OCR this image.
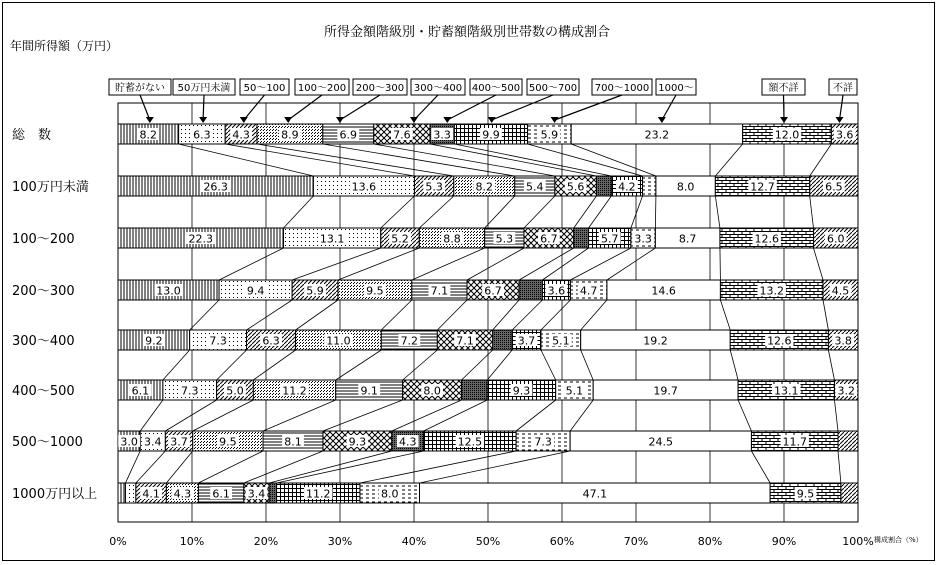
所得金額階級別・貯蓄額階級別世帯数の構成割合
年間所得額（万円）
構成割合（%）
8.2	6.3 4.3	8.9	6.9	7.6 3.3	9.9	5.9	23.2	12.0	3.6
26.3	13.6	5.3	8.2	5.4 5.6	4.2	8.0	12.7	6.5
22.3	13.1	5.2	8.8	5.3 6.7	5.7 3.3 8.7	12.6	6.0
13.0	9.4	5.9	9.5	7.1	6.7	3.6 4.7	14.6	13.2	4.5
9.2	7.3	6.3	11.0	7.2	7.1	3.7 5.1	19.2	12.6	3.8
6.1	7.3	5.0	11.2	9.1	8.0	9.3	5.1	19.7	13.1	3.2
3.0 3.4 3.7	9.5	8.1	9.3	4.3	12.5	7.3	24.5	11.7
4.1 4.3 6.1 3.4	11.2	8.0	47.1	9.5
総　数
100万円未満
100～200
200～300
300～400
400～500
500～1000
1000万円以上
0%	10%	20%	30%	40%	50%	60%	70%	80%	90%	100%
貯蓄がない 50万円未満 50～100 100～200 200～300 300～400 400～500 500～700 700～1000 1000～	額不詳	不詳
